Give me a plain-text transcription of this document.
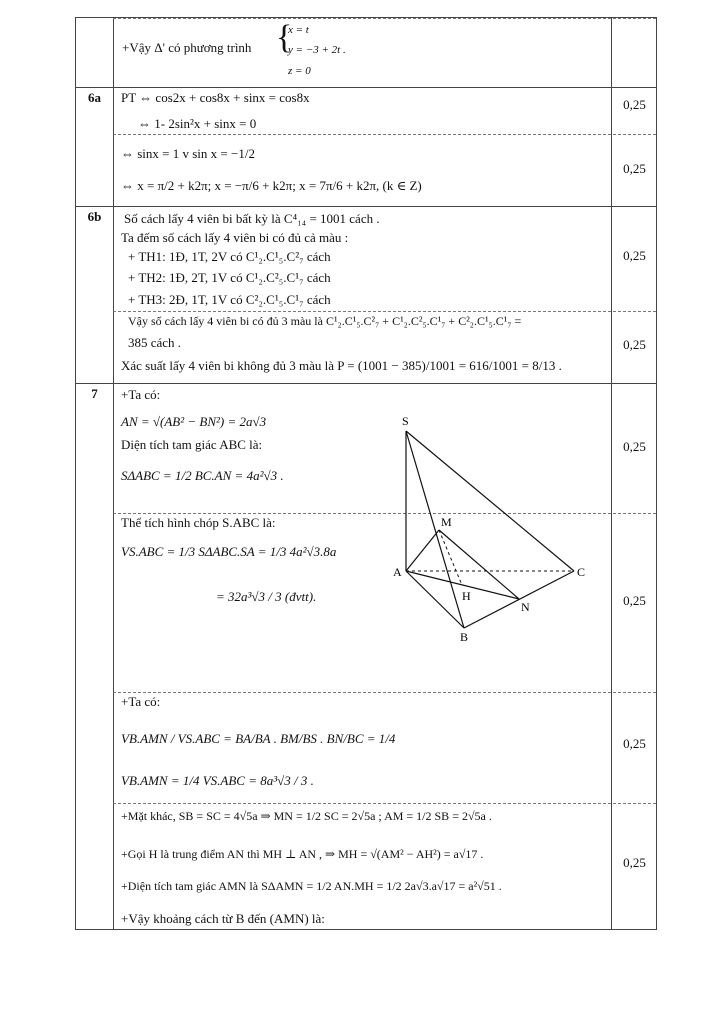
6a
6b
7
0,25
0,25
0,25
0,25
0,25
0,25
0,25
0,25
+Vậy Δ' có phương trình {
x = t
y = −3 + 2t .
z = 0
PT ⇔ cos2x + cos8x + sinx = cos8x
⇔ 1- 2sin²x + sinx = 0
⇔ sinx = 1 v sin x = −1/2
⇔ x = π/2 + k2π; x = −π/6 + k2π; x = 7π/6 + k2π, (k ∈ Z)
Số cách lấy 4 viên bi bất kỳ là C⁴₁₄ = 1001 cách .
Ta đếm số cách lấy 4 viên bi có đủ cả màu :
+ TH1: 1Đ, 1T, 2V có C¹₂.C¹₅.C²₇ cách
+ TH2: 1Đ, 2T, 1V có C¹₂.C²₅.C¹₇ cách
+ TH3: 2Đ, 1T, 1V có C²₂.C¹₅.C¹₇ cách
Vậy số cách lấy 4 viên bi có đủ 3 màu là C¹₂.C¹₅.C²₇ + C¹₂.C²₅.C¹₇ + C²₂.C¹₅.C¹₇ =
385 cách .
Xác suất lấy 4 viên bi không đủ 3 màu là P = (1001 − 385)/1001 = 616/1001 = 8/13 .
+Ta có:
AN = √(AB² − BN²) = 2a√3
Diện tích tam giác ABC là:
SΔABC = 1/2 BC.AN = 4a²√3 .
Thể tích hình chóp S.ABC là:
VS.ABC = 1/3 SΔABC.SA = 1/3 4a²√3.8a
= 32a³√3 / 3 (đvtt).
+Ta có:
VB.AMN / VS.ABC = BA/BA . BM/BS . BN/BC = 1/4
VB.AMN = 1/4 VS.ABC = 8a³√3 / 3 .
+Mặt khác, SB = SC = 4√5a ⇒ MN = 1/2 SC = 2√5a ; AM = 1/2 SB = 2√5a .
+Gọi H là trung điểm AN thì MH ⊥ AN , ⇒ MH = √(AM² − AH²) = a√17 .
+Diện tích tam giác AMN là SΔAMN = 1/2 AN.MH = 1/2 2a√3.a√17 = a²√51 .
+Vậy khoảng cách từ B đến (AMN) là:
S
M
A	C
H
N
B
